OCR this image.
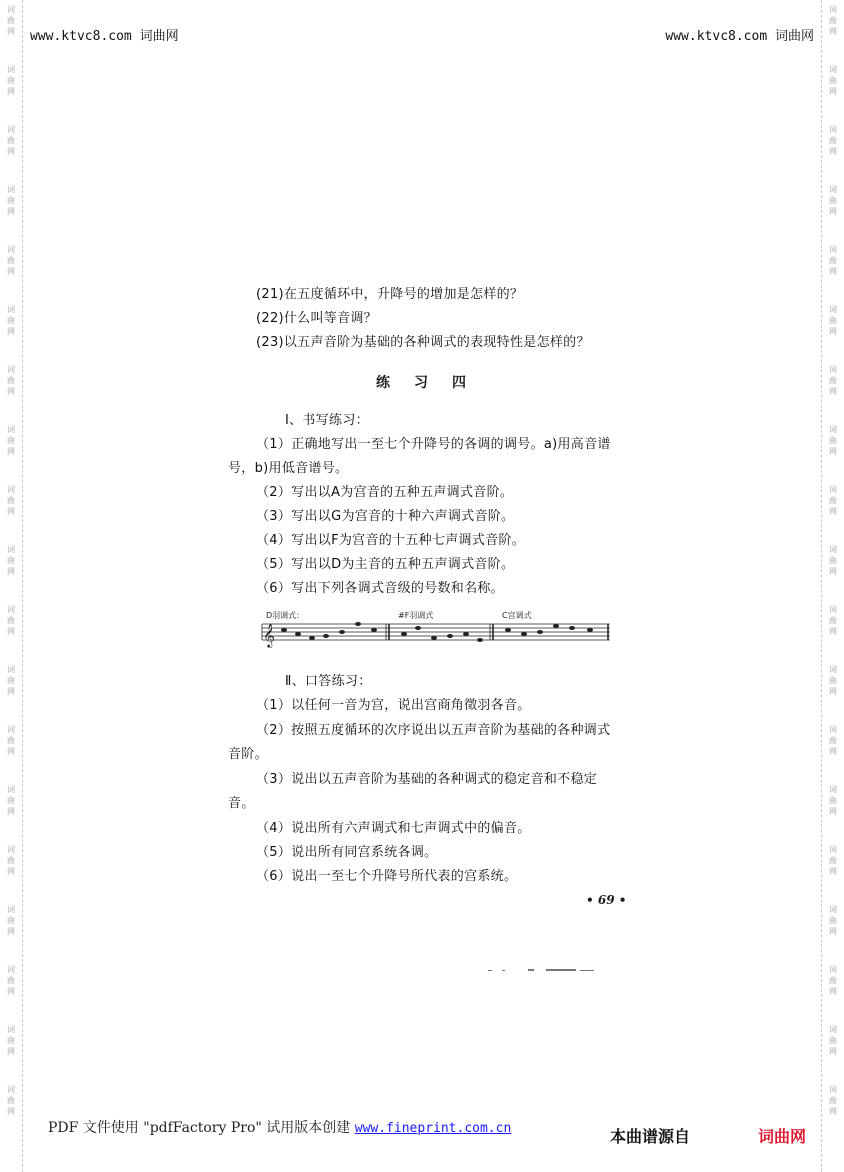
词
曲
网
词
曲
网
词
曲
网
词
曲
网
词
曲
网
词
曲
网
词
曲
网
词
曲
网
词
曲
网
词
曲
网
词
曲
网
词
曲
网
词
曲
网
词
曲
网
词
曲
网
词
曲
网
词
曲
网
词
曲
网
词
曲
网
词
曲
网
词
曲
网
词
曲
网
词
曲
网
词
曲
网
词
曲
网
词
曲
网
词
曲
网
词
曲
网
词
曲
网
词
曲
网
词
曲
网
词
曲
网
词
曲
网
词
曲
网
词
曲
网
词
曲
网
词
曲
网
词
曲
网
www.ktvc8.com 词曲网	www.ktvc8.com 词曲网
(21)在五度循环中，升降号的增加是怎样的？
(22)什么叫等音调？
(23)以五声音阶为基础的各种调式的表现特性是怎样的？
练 习 四
Ⅰ、书写练习：
（1）正确地写出一至七个升降号的各调的调号。a)用高音谱
号，b)用低音谱号。
（2）写出以A为宫音的五种五声调式音阶。
（3）写出以G为宫音的十种六声调式音阶。
（4）写出以F为宫音的十五种七声调式音阶。
（5）写出以D为主音的五种五声调式音阶。
（6）写出下列各调式音级的号数和名称。
𝄞
D羽调式：	#F羽调式	C宫调式
Ⅱ、口答练习：
（1）以任何一音为宫，说出宫商角徵羽各音。
（2）按照五度循环的次序说出以五声音阶为基础的各种调式
音阶。
（3）说出以五声音阶为基础的各种调式的稳定音和不稳定
音。
（4）说出所有六声调式和七声调式中的偏音。
（5）说出所有同宫系统各调。
（6）说出一至七个升降号所代表的宫系统。
• 69 •
PDF 文件使用 "pdfFactory Pro" 试用版本创建 www.fineprint.com.cn	本曲谱源自	词曲网
